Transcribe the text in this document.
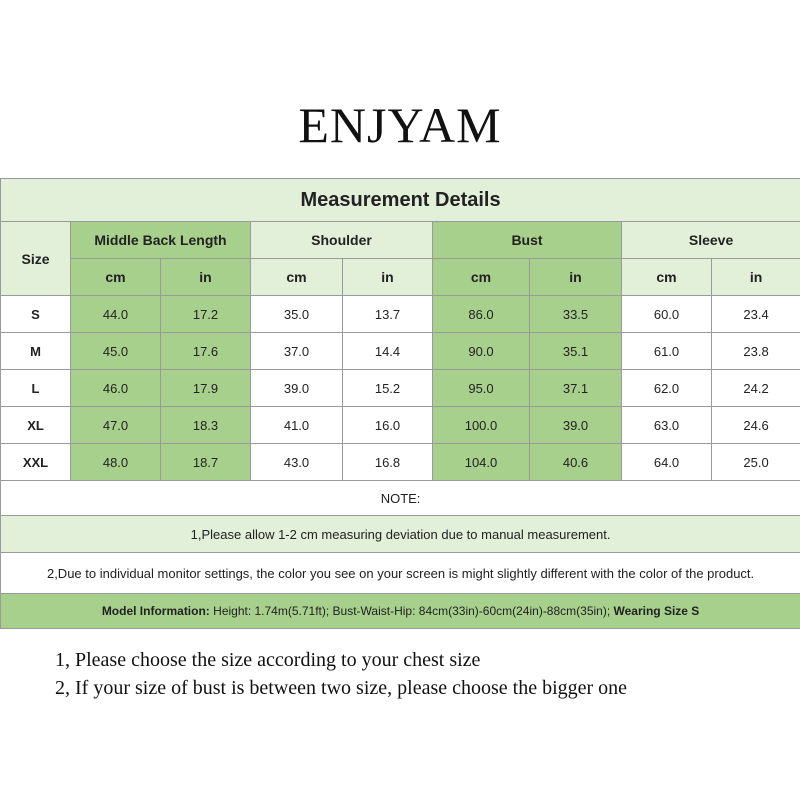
ENJYAM
Measurement Details								
Size	Middle Back Length		Shoulder		Bust		Sleeve	
	cm	in	cm	in	cm	in	cm	in
S	44.0	17.2	35.0	13.7	86.0	33.5	60.0	23.4
M	45.0	17.6	37.0	14.4	90.0	35.1	61.0	23.8
L	46.0	17.9	39.0	15.2	95.0	37.1	62.0	24.2
XL	47.0	18.3	41.0	16.0	100.0	39.0	63.0	24.6
XXL	48.0	18.7	43.0	16.8	104.0	40.6	64.0	25.0
NOTE:								
1,Please allow 1-2 cm measuring deviation due to manual measurement.								
2,Due to individual monitor settings, the color you see on your screen is might slightly different with the color of the product.								
Model Information: Height: 1.74m(5.71ft); Bust-Waist-Hip: 84cm(33in)-60cm(24in)-88cm(35in); Wearing Size S								
1, Please choose the size according to your chest size
2, If your size of bust is between two size, please choose the bigger one
